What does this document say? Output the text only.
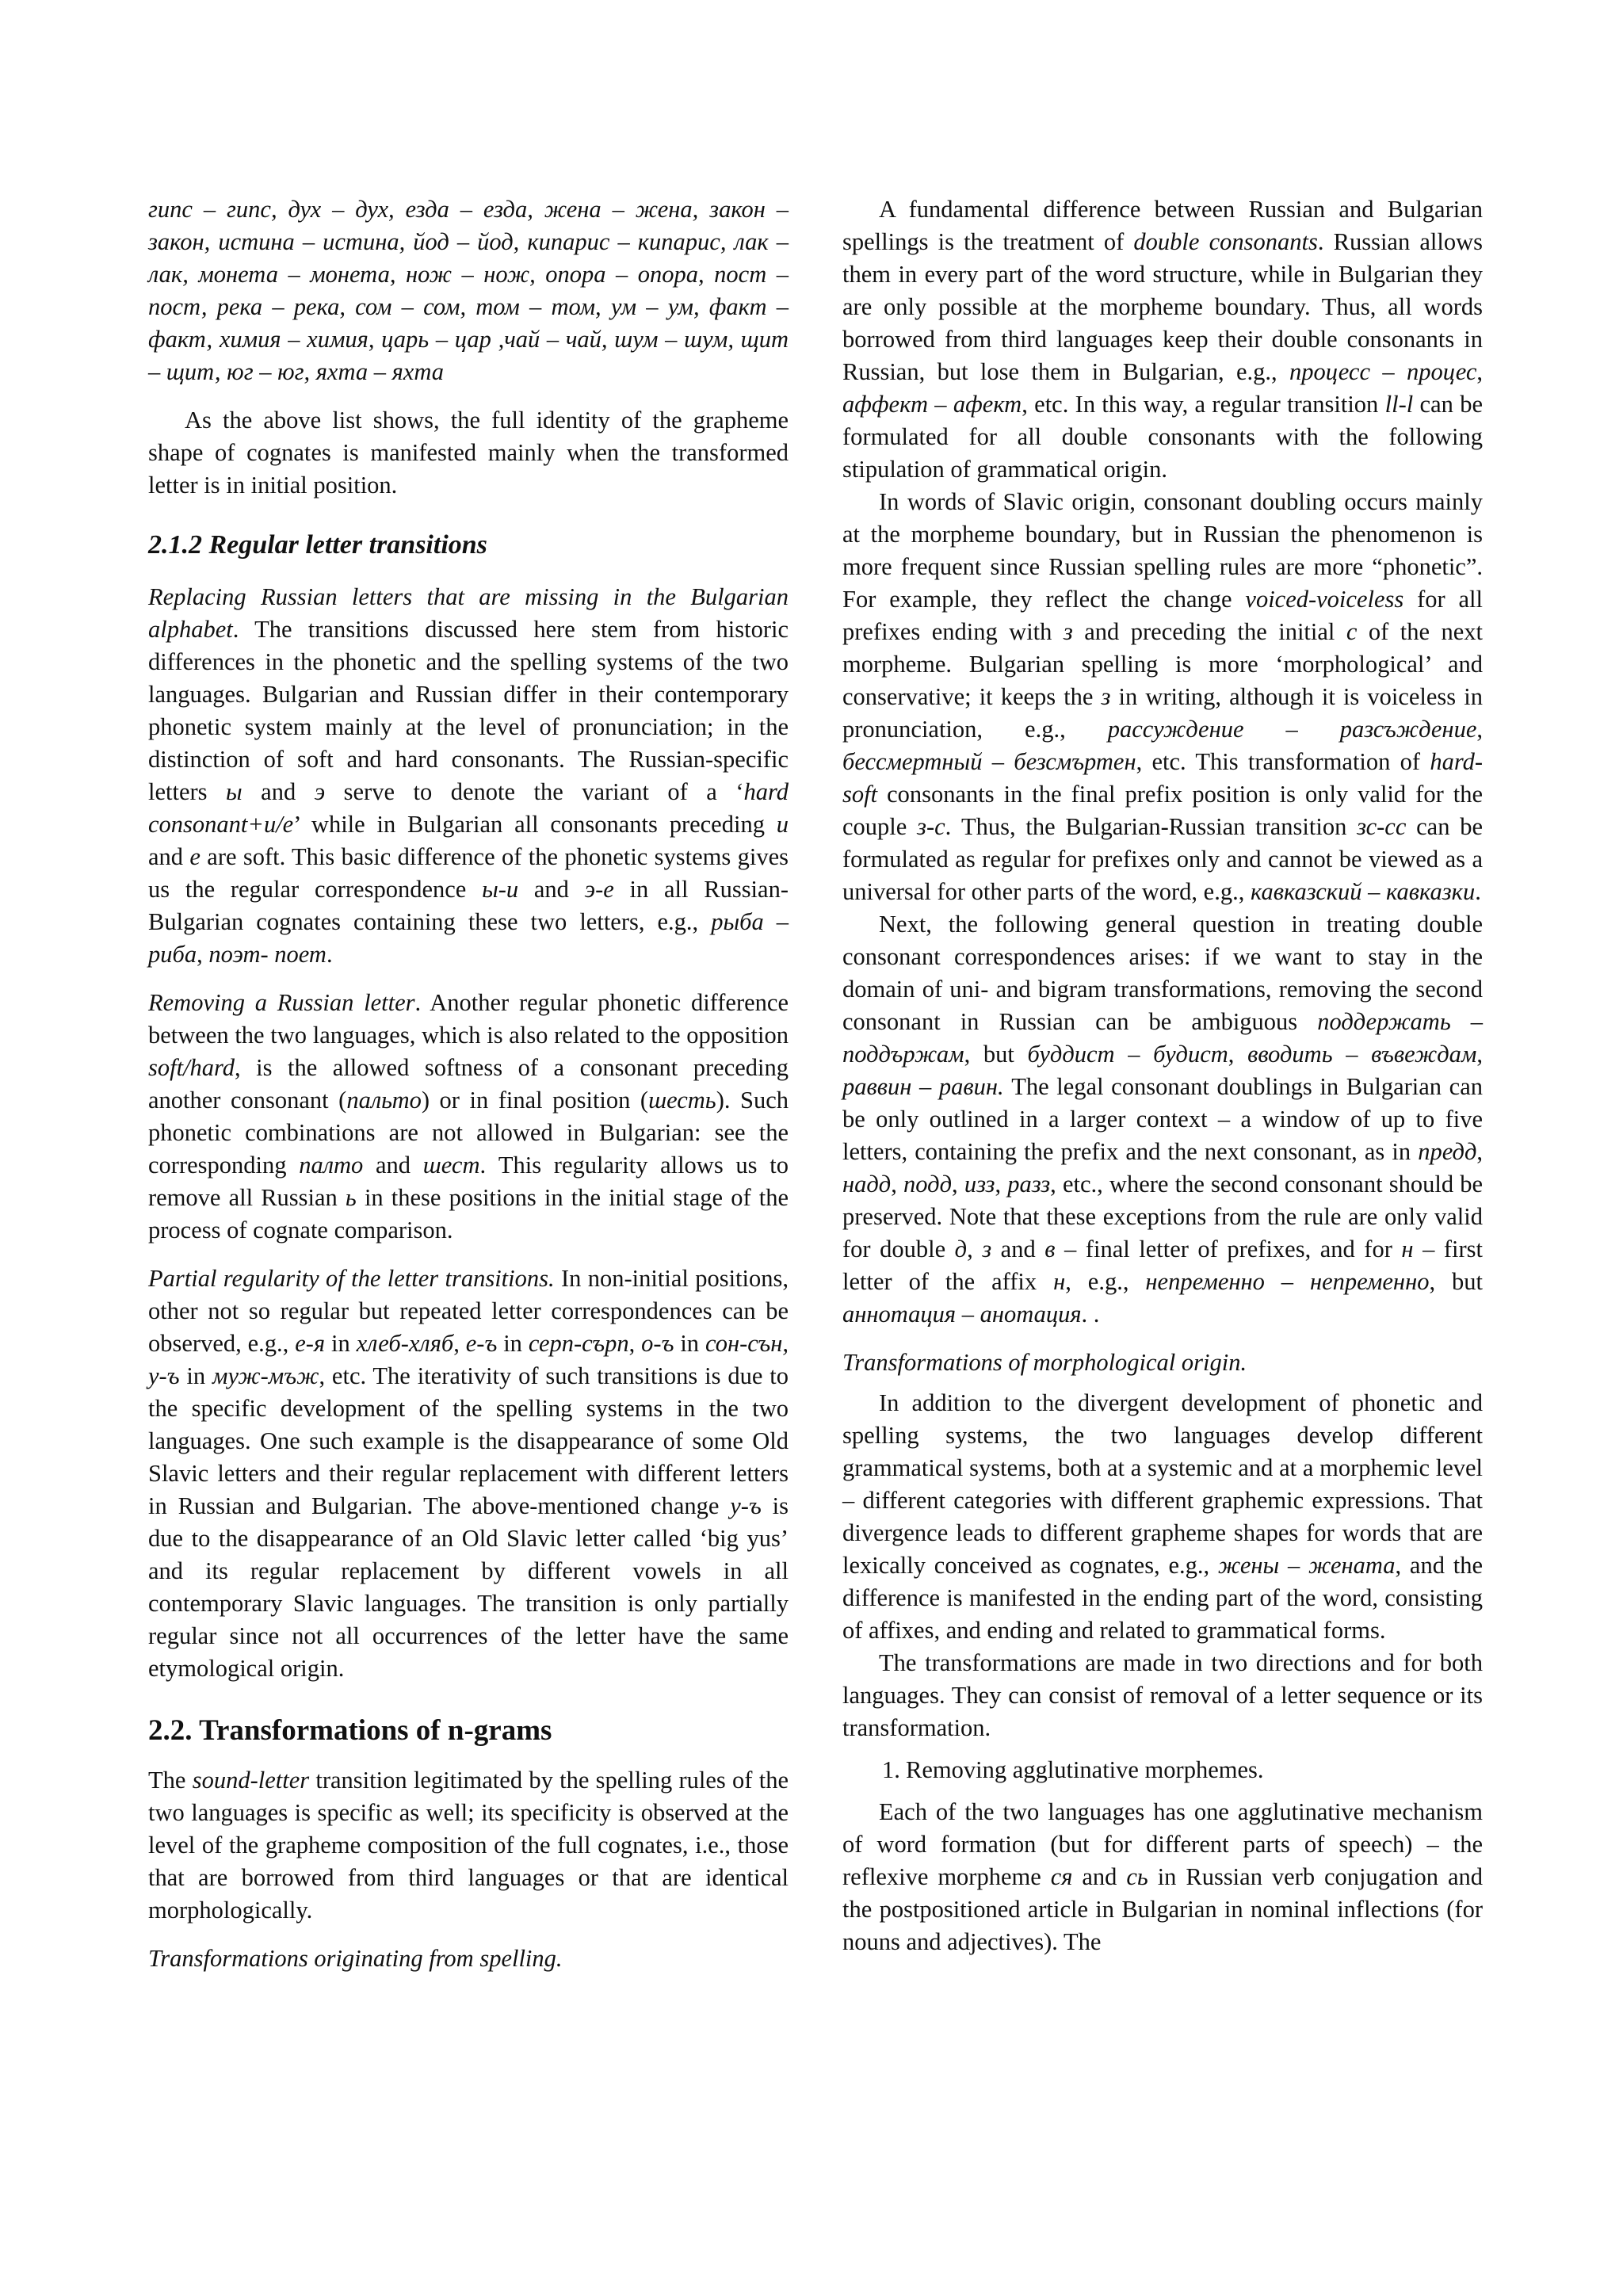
гипс – гипс, дух – дух, езда – езда, жена – жена, закон – закон, истина – истина, йод – йод, кипарис – кипарис, лак – лак, монета – монета, нож – нож, опора – опора, пост – пост, река – река, сом – сом, том – том, ум – ум, факт – факт, химия – химия, царь – цар ,чай – чай, шум – шум, щит – щит, юг – юг, яхта – яхта

As the above list shows, the full identity of the grapheme shape of cognates is manifested mainly when the transformed letter is in initial position.

2.1.2 Regular letter transitions

Replacing Russian letters that are missing in the Bulgarian alphabet. The transitions discussed here stem from historic differences in the phonetic and the spelling systems of the two languages. Bulgarian and Russian differ in their contemporary phonetic system mainly at the level of pronunciation; in the distinction of soft and hard consonants. The Russian-specific letters ы and э serve to denote the variant of a ‘hard consonant+u/e’ while in Bulgarian all consonants preceding и and е are soft. This basic difference of the phonetic systems gives us the regular correspondence ы-и and э-е in all Russian-Bulgarian cognates containing these two letters, e.g., рыба – риба, поэт- поет.

Removing a Russian letter. Another regular phonetic difference between the two languages, which is also related to the opposition soft/hard, is the allowed softness of a consonant preceding another consonant (пальто) or in final position (шесть). Such phonetic combinations are not allowed in Bulgarian: see the corresponding палто and шест. This regularity allows us to remove all Russian ь in these positions in the initial stage of the process of cognate comparison.

Partial regularity of the letter transitions. In non-initial positions, other not so regular but repeated letter correspondences can be observed, e.g., е-я in хлеб-хляб, е-ъ in серп-сърп, о-ъ in сон-сън, у-ъ in муж-мъж, etc. The iterativity of such transitions is due to the specific development of the spelling systems in the two languages. One such example is the disappearance of some Old Slavic letters and their regular replacement with different letters in Russian and Bulgarian. The above-mentioned change у-ъ is due to the disappearance of an Old Slavic letter called ‘big yus’ and its regular replacement by different vowels in all contemporary Slavic languages. The transition is only partially regular since not all occurrences of the letter have the same etymological origin.

2.2. Transformations of n-grams

The sound-letter transition legitimated by the spelling rules of the two languages is specific as well; its specificity is observed at the level of the grapheme composition of the full cognates, i.e., those that are borrowed from third languages or that are identical morphologically.

Transformations originating from spelling.

A fundamental difference between Russian and Bulgarian spellings is the treatment of double consonants. Russian allows them in every part of the word structure, while in Bulgarian they are only possible at the morpheme boundary. Thus, all words borrowed from third languages keep their double consonants in Russian, but lose them in Bulgarian, e.g., процесс – процес, аффект – афект, etc. In this way, a regular transition ll-l can be formulated for all double consonants with the following stipulation of grammatical origin.

In words of Slavic origin, consonant doubling occurs mainly at the morpheme boundary, but in Russian the phenomenon is more frequent since Russian spelling rules are more “phonetic”. For example, they reflect the change voiced-voiceless for all prefixes ending with з and preceding the initial с of the next morpheme. Bulgarian spelling is more ‘morphological’ and conservative; it keeps the з in writing, although it is voiceless in pronunciation, e.g., рассуждение – разсъждение, бессмертный – безсмъртен, etc. This transformation of hard-soft consonants in the final prefix position is only valid for the couple з-с. Thus, the Bulgarian-Russian transition зс-сс can be formulated as regular for prefixes only and cannot be viewed as a universal for other parts of the word, e.g., кавказский – кавказки.

Next, the following general question in treating double consonant correspondences arises: if we want to stay in the domain of uni- and bigram transformations, removing the second consonant in Russian can be ambiguous поддержать – поддържам, but буддист – будист, вводить – въвеждам, раввин – равин. The legal consonant doublings in Bulgarian can be only outlined in a larger context – a window of up to five letters, containing the prefix and the next consonant, as in предд, надд, подд, изз, разз, etc., where the second consonant should be preserved. Note that these exceptions from the rule are only valid for double д, з and в – final letter of prefixes, and for н – first letter of the affix н, e.g., непременно – непременно, but аннотация – анотация. .

Transformations of morphological origin.

In addition to the divergent development of phonetic and spelling systems, the two languages develop different grammatical systems, both at a systemic and at a morphemic level – different categories with different graphemic expressions. That divergence leads to different grapheme shapes for words that are lexically conceived as cognates, e.g., жены – жената, and the difference is manifested in the ending part of the word, consisting of affixes, and ending and related to grammatical forms.

The transformations are made in two directions and for both languages. They can consist of removal of a letter sequence or its transformation.

1. Removing agglutinative morphemes.

Each of the two languages has one agglutinative mechanism of word formation (but for different parts of speech) – the reflexive morpheme ся and сь in Russian verb conjugation and the postpositioned article in Bulgarian in nominal inflections (for nouns and adjectives). The
